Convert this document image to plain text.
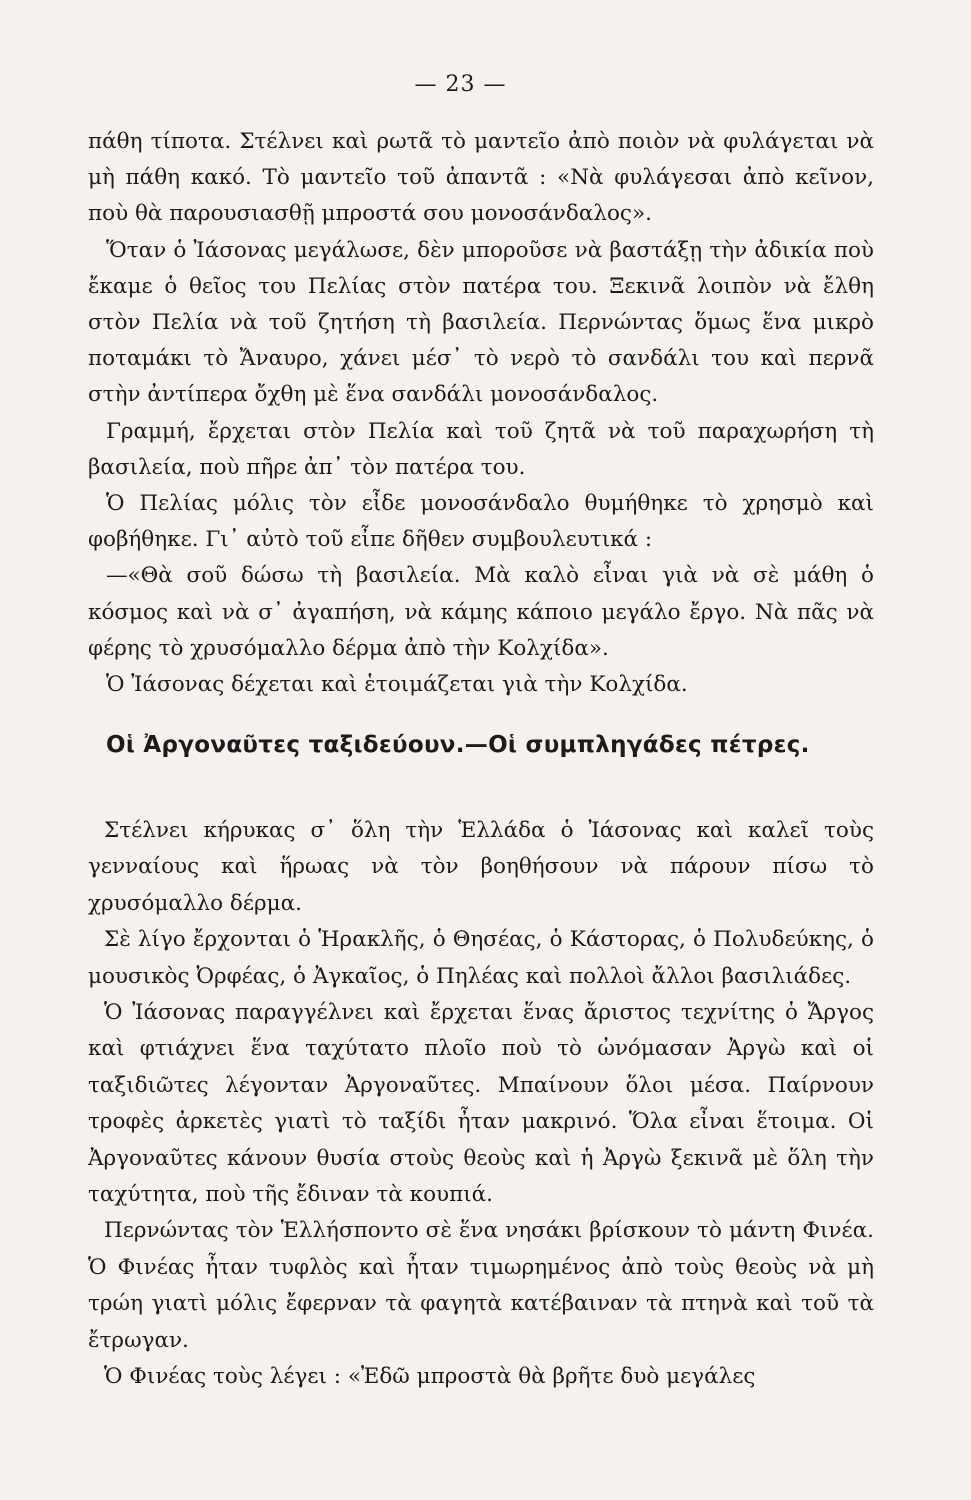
— 23 —

πάθη τίποτα. Στέλνει καὶ ρωτᾶ τὸ μαντεῖο ἀπὸ ποιὸν νὰ φυλάγεται νὰ μὴ πάθη κακό. Τὸ μαντεῖο τοῦ ἀπαντᾶ : «Νὰ φυλάγεσαι ἀπὸ κεῖνον, ποὺ θὰ παρουσιασθῇ μπροστά σου μονοσάνδαλος».

Ὅταν ὁ Ἰάσονας μεγάλωσε, δὲν μποροῦσε νὰ βαστάξῃ τὴν ἀδικία ποὺ ἔκαμε ὁ θεῖος του Πελίας στὸν πατέρα του. Ξεκινᾶ λοιπὸν νὰ ἔλθη στὸν Πελία νὰ τοῦ ζητήση τὴ βασιλεία. Περνώντας ὅμως ἕνα μικρὸ ποταμάκι τὸ Ἄναυρο, χάνει μέσ᾽ τὸ νερὸ τὸ σανδάλι του καὶ περνᾶ στὴν ἀντίπερα ὄχθη μὲ ἕνα σανδάλι μονοσάνδαλος.

Γραμμή, ἔρχεται στὸν Πελία καὶ τοῦ ζητᾶ νὰ τοῦ παραχωρήση τὴ βασιλεία, ποὺ πῆρε ἀπ᾽ τὸν πατέρα του.

Ὁ Πελίας μόλις τὸν εἶδε μονοσάνδαλο θυμήθηκε τὸ χρησμὸ καὶ φοβήθηκε. Γι᾽ αὐτὸ τοῦ εἶπε δῆθεν συμβουλευτικά :

—«Θὰ σοῦ δώσω τὴ βασιλεία. Μὰ καλὸ εἶναι γιὰ νὰ σὲ μάθη ὁ κόσμος καὶ νὰ σ᾽ ἀγαπήση, νὰ κάμης κάποιο μεγάλο ἔργο. Νὰ πᾶς νὰ φέρης τὸ χρυσόμαλλο δέρμα ἀπὸ τὴν Κολχίδα».

Ὁ Ἰάσονας δέχεται καὶ ἑτοιμάζεται γιὰ τὴν Κολχίδα.

Οἱ Ἀργοναῦτες ταξιδεύουν.—Οἱ συμπληγάδες πέτρες.

Στέλνει κήρυκας σ᾽ ὅλη τὴν Ἑλλάδα ὁ Ἰάσονας καὶ καλεῖ τοὺς γενναίους καὶ ἥρωας νὰ τὸν βοηθήσουν νὰ πάρουν πίσω τὸ χρυσόμαλλο δέρμα.

Σὲ λίγο ἔρχονται ὁ Ἡρακλῆς, ὁ Θησέας, ὁ Κάστορας, ὁ Πολυδεύκης, ὁ μουσικὸς Ὀρφέας, ὁ Ἀγκαῖος, ὁ Πηλέας καὶ πολλοὶ ἄλλοι βασιλιάδες.

Ὁ Ἰάσονας παραγγέλνει καὶ ἔρχεται ἕνας ἄριστος τεχνίτης ὁ Ἄργος καὶ φτιάχνει ἕνα ταχύτατο πλοῖο ποὺ τὸ ὠνόμασαν Ἀργὼ καὶ οἱ ταξιδιῶτες λέγονταν Ἀργοναῦτες. Μπαίνουν ὅλοι μέσα. Παίρνουν τροφὲς ἀρκετὲς γιατὶ τὸ ταξίδι ἦταν μακρινό. Ὅλα εἶναι ἕτοιμα. Οἱ Ἀργοναῦτες κάνουν θυσία στοὺς θεοὺς καὶ ἡ Ἀργὼ ξεκινᾶ μὲ ὅλη τὴν ταχύτητα, ποὺ τῆς ἔδιναν τὰ κουπιά.

Περνώντας τὸν Ἑλλήσποντο σὲ ἕνα νησάκι βρίσκουν τὸ μάντη Φινέα. Ὁ Φινέας ἦταν τυφλὸς καὶ ἦταν τιμωρημένος ἀπὸ τοὺς θεοὺς νὰ μὴ τρώη γιατὶ μόλις ἔφερναν τὰ φαγητὰ κατέβαιναν τὰ πτηνὰ καὶ τοῦ τὰ ἔτρωγαν.

Ὁ Φινέας τοὺς λέγει : «Ἐδῶ μπροστὰ θὰ βρῆτε δυὸ μεγάλες
